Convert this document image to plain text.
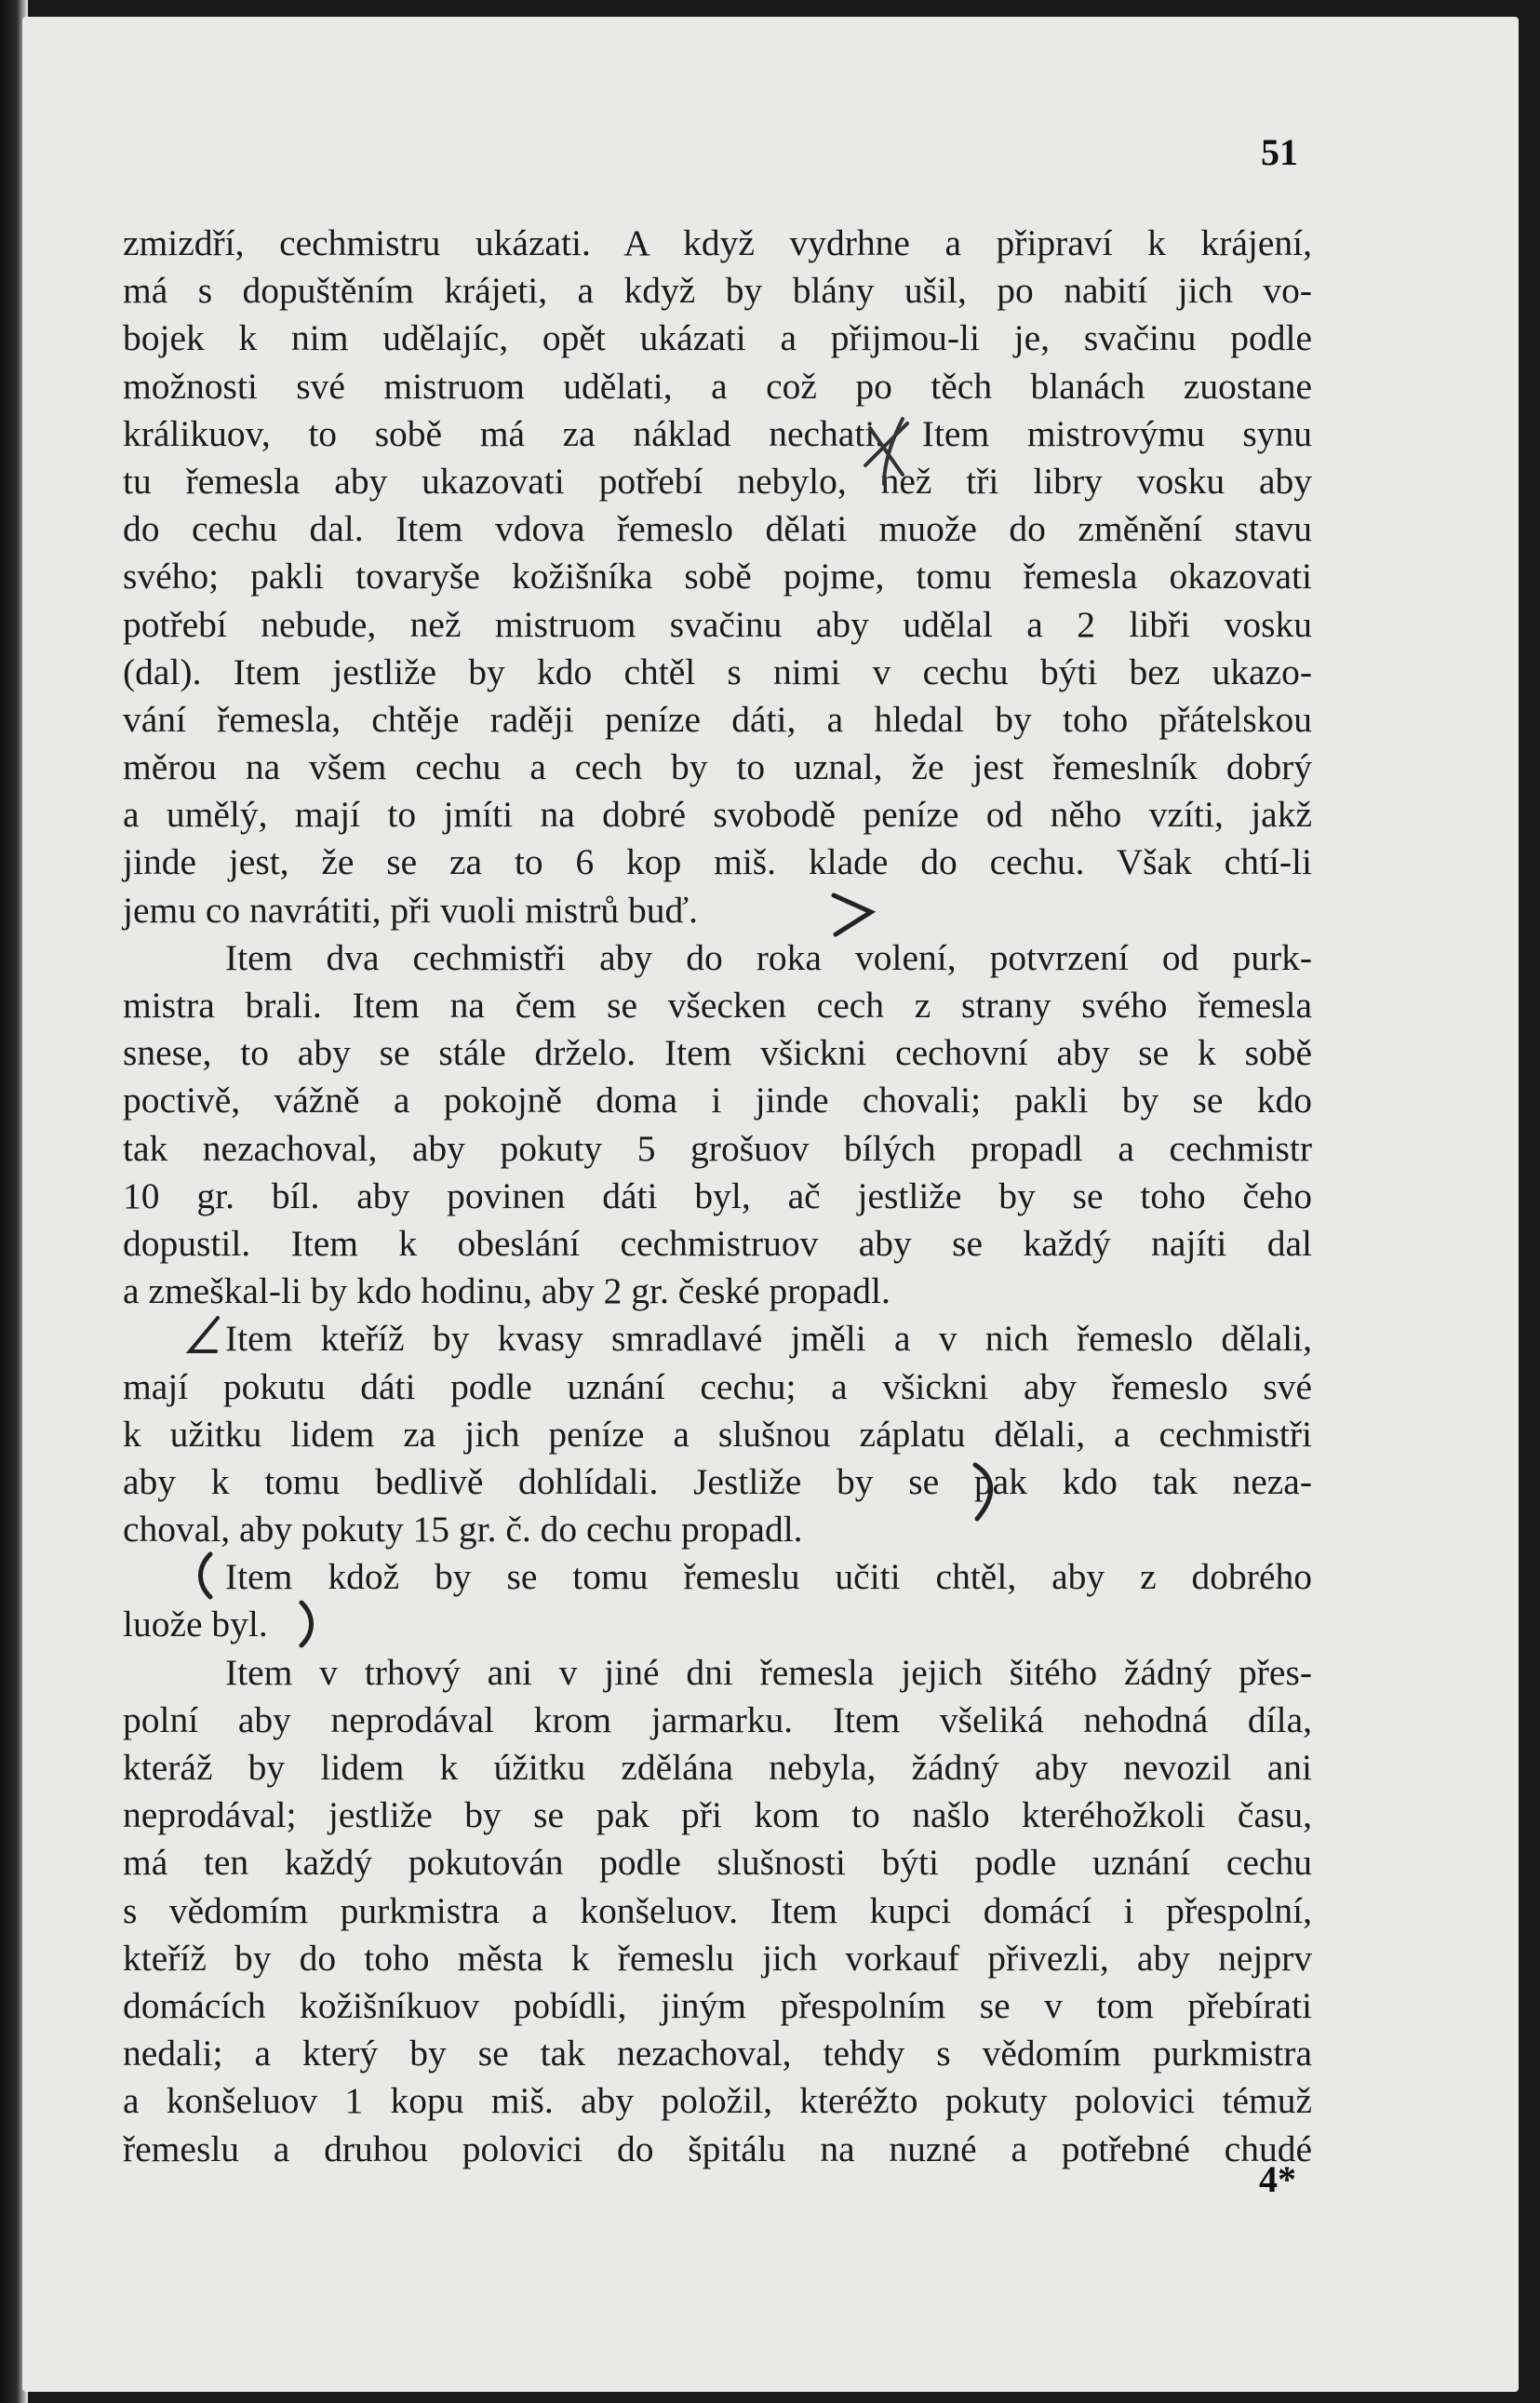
51
zmizdří, cechmistru ukázati. A když vydrhne a připraví k krájení,
má s dopuštěním krájeti, a když by blány ušil, po nabití jich vo-
bojek k nim udělajíc, opět ukázati a přijmou-li je, svačinu podle
možnosti své mistruom udělati, a což po těch blanách zuostane
králikuov, to sobě má za náklad nechati. Item mistrovýmu synu
tu řemesla aby ukazovati potřebí nebylo, než tři libry vosku aby
do cechu dal. Item vdova řemeslo dělati muože do změnění stavu
svého; pakli tovaryše kožišníka sobě pojme, tomu řemesla okazovati
potřebí nebude, než mistruom svačinu aby udělal a 2 libři vosku
(dal). Item jestliže by kdo chtěl s nimi v cechu býti bez ukazo-
vání řemesla, chtěje raději peníze dáti, a hledal by toho přátelskou
měrou na všem cechu a cech by to uznal, že jest řemeslník dobrý
a umělý, mají to jmíti na dobré svobodě peníze od něho vzíti, jakž
jinde jest, že se za to 6 kop miš. klade do cechu. Však chtí-li
jemu co navrátiti, při vuoli mistrů buď.
Item dva cechmistři aby do roka volení, potvrzení od purk-
mistra brali. Item na čem se všecken cech z strany svého řemesla
snese, to aby se stále drželo. Item všickni cechovní aby se k sobě
poctivě, vážně a pokojně doma i jinde chovali; pakli by se kdo
tak nezachoval, aby pokuty 5 grošuov bílých propadl a cechmistr
10 gr. bíl. aby povinen dáti byl, ač jestliže by se toho čeho
dopustil. Item k obeslání cechmistruov aby se každý najíti dal
a zmeškal-li by kdo hodinu, aby 2 gr. české propadl.
Item kteříž by kvasy smradlavé jměli a v nich řemeslo dělali,
mají pokutu dáti podle uznání cechu; a všickni aby řemeslo své
k užitku lidem za jich peníze a slušnou záplatu dělali, a cechmistři
aby k tomu bedlivě dohlídali. Jestliže by se pak kdo tak neza-
choval, aby pokuty 15 gr. č. do cechu propadl.
Item kdož by se tomu řemeslu učiti chtěl, aby z dobrého
luože byl.
Item v trhový ani v jiné dni řemesla jejich šitého žádný přes-
polní aby neprodával krom jarmarku. Item všeliká nehodná díla,
kteráž by lidem k úžitku zdělána nebyla, žádný aby nevozil ani
neprodával; jestliže by se pak při kom to našlo kteréhožkoli času,
má ten každý pokutován podle slušnosti býti podle uznání cechu
s vědomím purkmistra a konšeluov. Item kupci domácí i přespolní,
kteříž by do toho města k řemeslu jich vorkauf přivezli, aby nejprv
domácích kožišníkuov pobídli, jiným přespolním se v tom přebírati
nedali; a který by se tak nezachoval, tehdy s vědomím purkmistra
a konšeluov 1 kopu miš. aby položil, kteréžto pokuty polovici témuž
řemeslu a druhou polovici do špitálu na nuzné a potřebné chudé
4*
